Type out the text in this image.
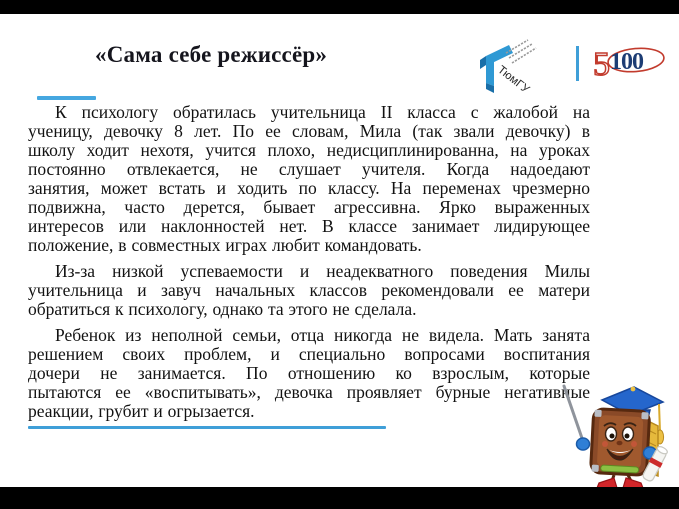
«Сама себе режиссёр»
ТюмГУ 5 100
К психологу обратилась учительница II класса с жалобой на
ученицу, девочку 8 лет. По ее словам, Мила (так звали девочку) в
школу ходит нехотя, учится плохо, недисциплинированна, на уроках
постоянно отвлекается, не слушает учителя. Когда надоедают
занятия, может встать и ходить по классу. На переменах чрезмерно
подвижна, часто дерется, бывает агрессивна. Ярко выраженных
интересов или наклонностей нет. В классе занимает лидирующее
положение, в совместных играх любит командовать.
Из-за низкой успеваемости и неадекватного поведения Милы
учительница и завуч начальных классов рекомендовали ее матери
обратиться к психологу, однако та этого не сделала.
Ребенок из неполной семьи, отца никогда не видела. Мать занята
решением своих проблем, и специально вопросами воспитания
дочери не занимается. По отношению ко взрослым, которые
пытаются ее «воспитывать», девочка проявляет бурные негативные
реакции, грубит и огрызается.
